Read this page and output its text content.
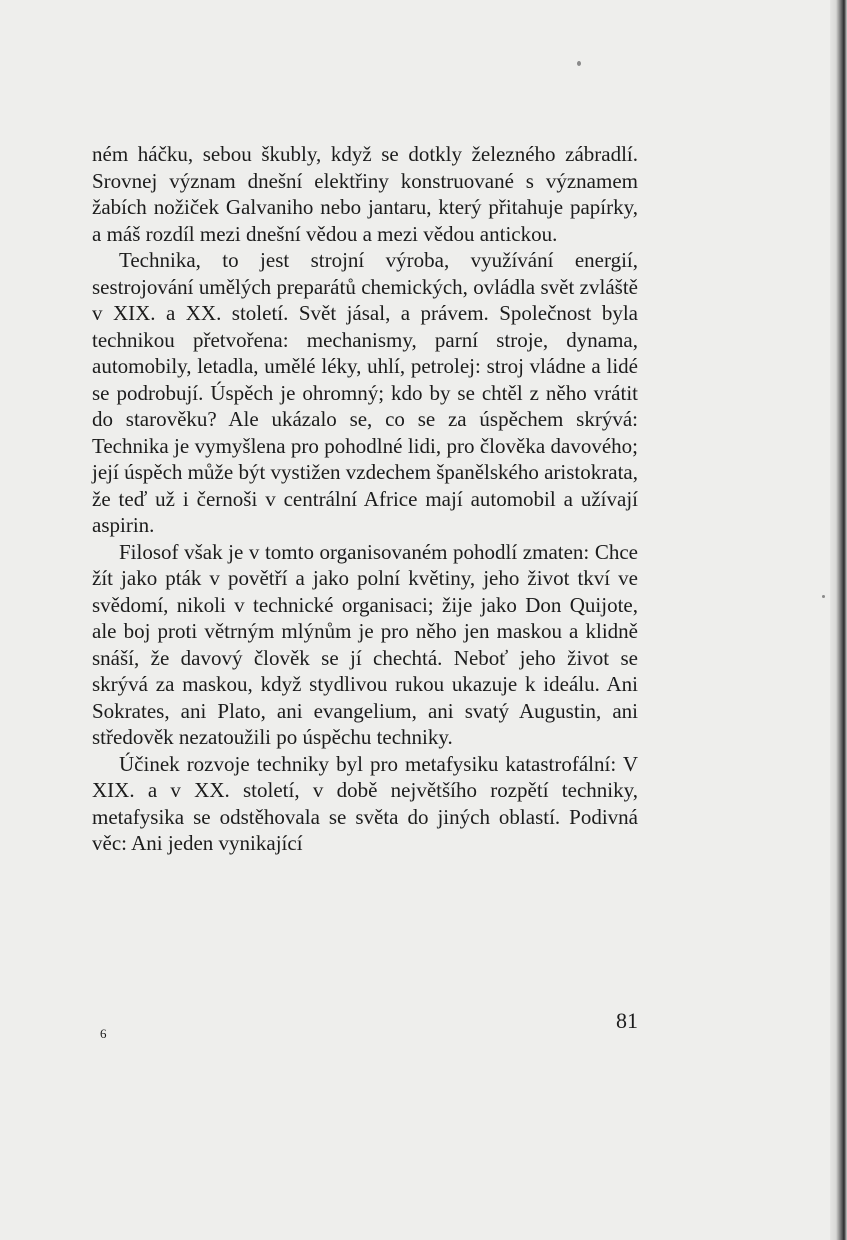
ném háčku, sebou škubly, když se dotkly železného zábradlí. Srovnej význam dnešní elektřiny konstruované s významem žabích nožiček Galvaniho nebo jantaru, který přitahuje papírky, a máš rozdíl mezi dnešní vědou a mezi vědou antickou.

Technika, to jest strojní výroba, využívání energií, sestrojování umělých preparátů chemických, ovládla svět zvláště v XIX. a XX. století. Svět jásal, a právem. Společnost byla technikou přetvořena: mechanismy, parní stroje, dynama, automobily, letadla, umělé léky, uhlí, petrolej: stroj vládne a lidé se podrobují. Úspěch je ohromný; kdo by se chtěl z něho vrátit do starověku? Ale ukázalo se, co se za úspěchem skrývá: Technika je vymyšlena pro pohodlné lidi, pro člověka davového; její úspěch může být vystižen vzdechem španělského aristokrata, že teď už i černoši v centrální Africe mají automobil a užívají aspirin.

Filosof však je v tomto organisovaném pohodlí zmaten: Chce žít jako pták v povětří a jako polní květiny, jeho život tkví ve svědomí, nikoli v technické organisaci; žije jako Don Quijote, ale boj proti větrným mlýnům je pro něho jen maskou a klidně snáší, že davový člověk se jí chechtá. Neboť jeho život se skrývá za maskou, když stydlivou rukou ukazuje k ideálu. Ani Sokrates, ani Plato, ani evangelium, ani svatý Augustin, ani středověk nezatoužili po úspěchu techniky.

Účinek rozvoje techniky byl pro metafysiku katastrofální: V XIX. a v XX. století, v době největšího rozpětí techniky, metafysika se odstěhovala se světa do jiných oblastí. Podivná věc: Ani jeden vynikající

6
81
